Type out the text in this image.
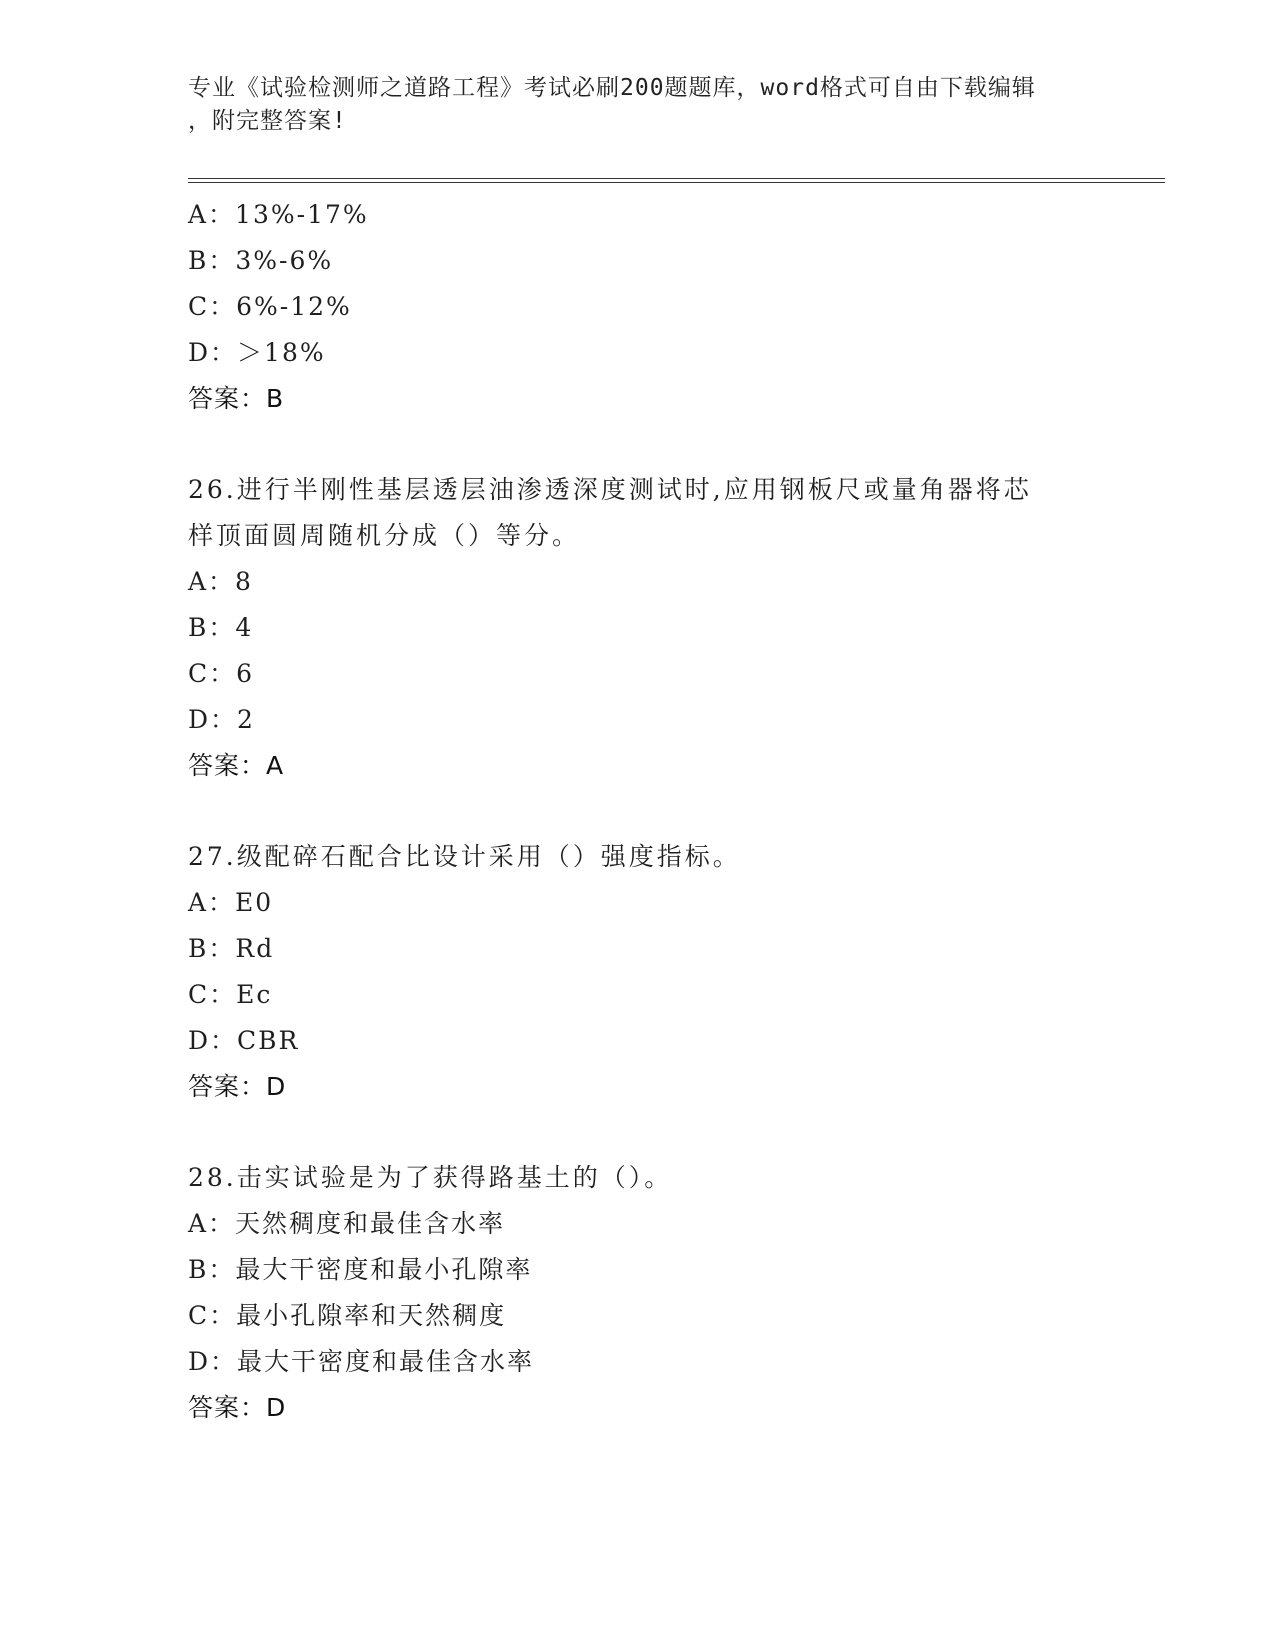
专业《试验检测师之道路工程》考试必刷200题题库，word格式可自由下载编辑
，附完整答案!
A：13%-17%
B：3%-6%
C：6%-12%
D：＞18%
答案：B
26.进行半刚性基层透层油渗透深度测试时,应用钢板尺或量角器将芯
样顶面圆周随机分成（）等分。
A：8
B：4
C：6
D：2
答案：A
27.级配碎石配合比设计采用（）强度指标。
A：E0
B：Rd
C：Ec
D：CBR
答案：D
28.击实试验是为了获得路基土的（）。
A：天然稠度和最佳含水率
B：最大干密度和最小孔隙率
C：最小孔隙率和天然稠度
D：最大干密度和最佳含水率
答案：D
